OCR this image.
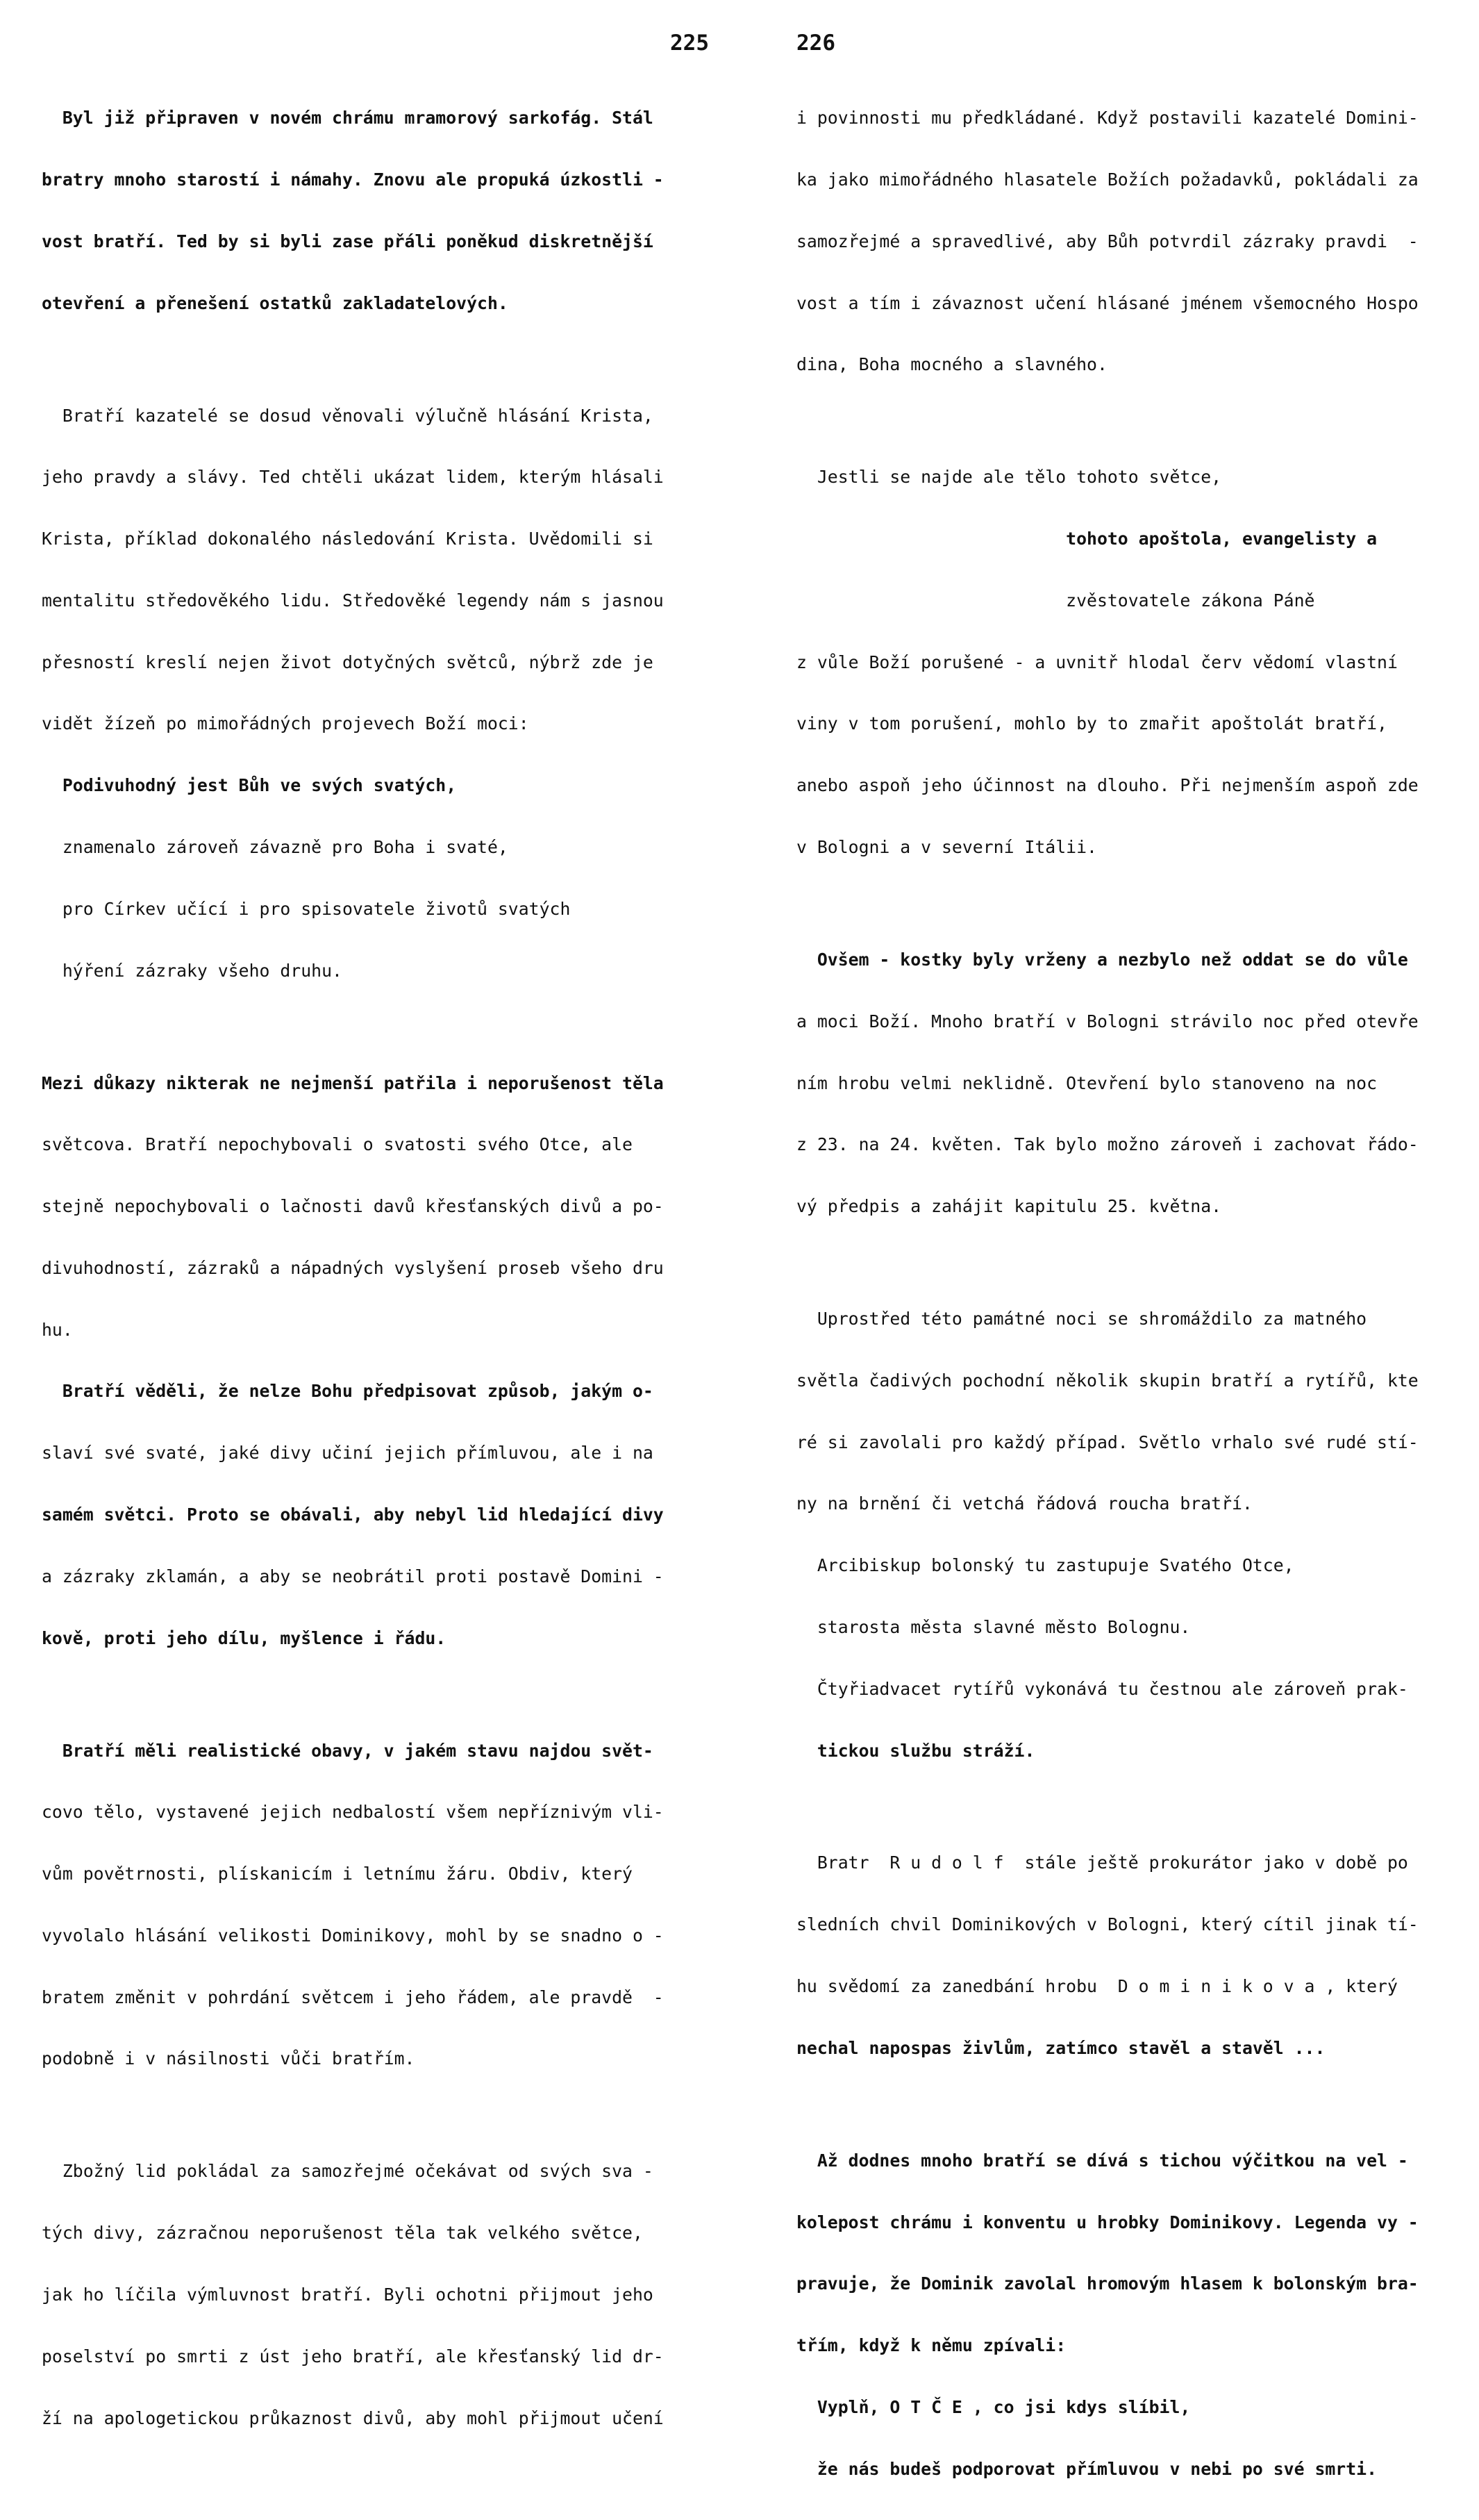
225

Byl již připraven v novém chrámu mramorový sarkofág. Stál

bratry mnoho starostí i námahy. Znovu ale propuká úzkostli -

vost bratří. Ted by si byli zase přáli poněkud diskretnější

otevření a přenešení ostatků zakladatelových.

Bratří kazatelé se dosud věnovali výlučně hlásání Krista,

jeho pravdy a slávy. Ted chtěli ukázat lidem, kterým hlásali

Krista, příklad dokonalého následování Krista. Uvědomili si

mentalitu středověkého lidu. Středověké legendy nám s jasnou

přesností kreslí nejen život dotyčných světců, nýbrž zde je

vidět žízeň po mimořádných projevech Boží moci:

Podivuhodný jest Bůh ve svých svatých,

znamenalo zároveň závazně pro Boha i svaté,

pro Církev učící i pro spisovatele životů svatých

hýření zázraky všeho druhu.

Mezi důkazy nikterak ne nejmenší patřila i neporušenost těla

světcova. Bratří nepochybovali o svatosti svého Otce, ale

stejně nepochybovali o lačnosti davů křesťanských divů a po-

divuhodností, zázraků a nápadných vyslyšení proseb všeho dru

hu.

Bratří věděli, že nelze Bohu předpisovat způsob, jakým o-

slaví své svaté, jaké divy učiní jejich přímluvou, ale i na

samém světci. Proto se obávali, aby nebyl lid hledající divy

a zázraky zklamán, a aby se neobrátil proti postavě Domini -

kově, proti jeho dílu, myšlence i řádu.

Bratří měli realistické obavy, v jakém stavu najdou svět-

covo tělo, vystavené jejich nedbalostí všem nepříznivým vli-

vům povětrnosti, plískanicím i letnímu žáru. Obdiv, který

vyvolalo hlásání velikosti Dominikovy, mohl by se snadno o -

bratem změnit v pohrdání světcem i jeho řádem, ale pravdě  -

podobně i v násilnosti vůči bratřím.

Zbožný lid pokládal za samozřejmé očekávat od svých sva -

tých divy, zázračnou neporušenost těla tak velkého světce,

jak ho líčila výmluvnost bratří. Byli ochotni přijmout jeho

poselství po smrti z úst jeho bratří, ale křesťanský lid dr-

ží na apologetickou průkaznost divů, aby mohl přijmout učení

226

i povinnosti mu předkládané. Když postavili kazatelé Domini-

ka jako mimořádného hlasatele Božích požadavků, pokládali za

samozřejmé a spravedlivé, aby Bůh potvrdil zázraky pravdi  -

vost a tím i závaznost učení hlásané jménem všemocného Hospo

dina, Boha mocného a slavného.

Jestli se najde ale tělo tohoto světce,

tohoto apoštola, evangelisty a

zvěstovatele zákona Páně

z vůle Boží porušené - a uvnitř hlodal červ vědomí vlastní

viny v tom porušení, mohlo by to zmařit apoštolát bratří,

anebo aspoň jeho účinnost na dlouho. Při nejmenším aspoň zde

v Bologni a v severní Itálii.

Ovšem - kostky byly vrženy a nezbylo než oddat se do vůle

a moci Boží. Mnoho bratří v Bologni strávilo noc před otevře

ním hrobu velmi neklidně. Otevření bylo stanoveno na noc

z 23. na 24. květen. Tak bylo možno zároveň i zachovat řádo-

vý předpis a zahájit kapitulu 25. května.

Uprostřed této památné noci se shromáždilo za matného

světla čadivých pochodní několik skupin bratří a rytířů, kte

ré si zavolali pro každý případ. Světlo vrhalo své rudé stí-

ny na brnění či vetchá řádová roucha bratří.

Arcibiskup bolonský tu zastupuje Svatého Otce,

starosta města slavné město Bolognu.

Čtyřiadvacet rytířů vykonává tu čestnou ale zároveň prak-

tickou službu stráží.

Bratr  R u d o l f  stále ještě prokurátor jako v době po

sledních chvil Dominikových v Bologni, který cítil jinak tí-

hu svědomí za zanedbání hrobu  D o m i n i k o v a , který

nechal napospas živlům, zatímco stavěl a stavěl ...

Až dodnes mnoho bratří se dívá s tichou výčitkou na vel -

kolepost chrámu i konventu u hrobky Dominikovy. Legenda vy -

pravuje, že Dominik zavolal hromovým hlasem k bolonským bra-

třím, když k němu zpívali:

Vyplň, O T Č E , co jsi kdys slíbil,

že nás budeš podporovat přímluvou v nebi po své smrti.
